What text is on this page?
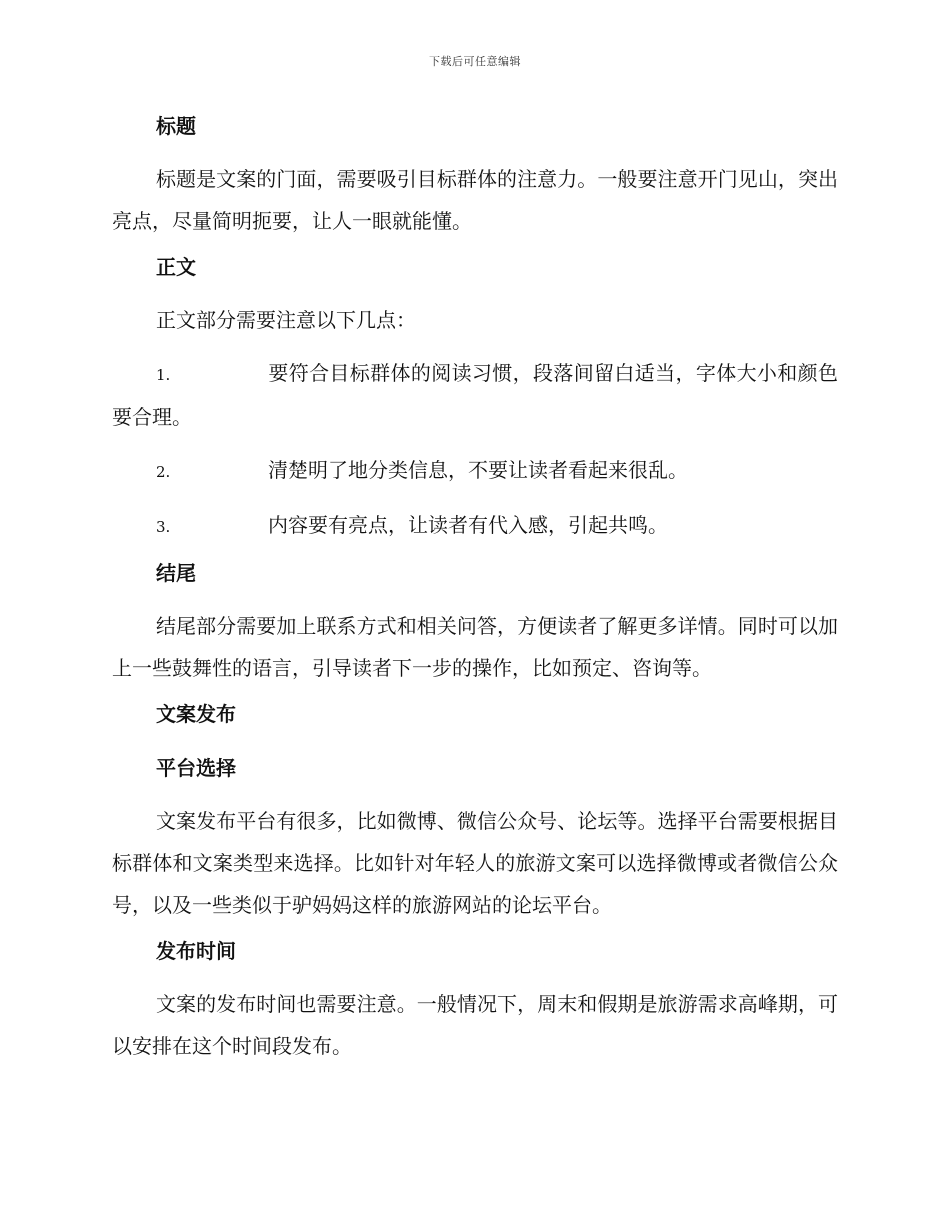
下载后可任意编辑
标题
标题是文案的门面，需要吸引目标群体的注意力。一般要注意开门见山，突出亮点，尽量简明扼要，让人一眼就能懂。
正文
正文部分需要注意以下几点：
1.	要符合目标群体的阅读习惯，段落间留白适当，字体大小和颜色要合理。
2.	清楚明了地分类信息，不要让读者看起来很乱。
3.	内容要有亮点，让读者有代入感，引起共鸣。
结尾
结尾部分需要加上联系方式和相关问答，方便读者了解更多详情。同时可以加上一些鼓舞性的语言，引导读者下一步的操作，比如预定、咨询等。
文案发布
平台选择
文案发布平台有很多，比如微博、微信公众号、论坛等。选择平台需要根据目标群体和文案类型来选择。比如针对年轻人的旅游文案可以选择微博或者微信公众号，以及一些类似于驴妈妈这样的旅游网站的论坛平台。
发布时间
文案的发布时间也需要注意。一般情况下，周末和假期是旅游需求高峰期，可以安排在这个时间段发布。
